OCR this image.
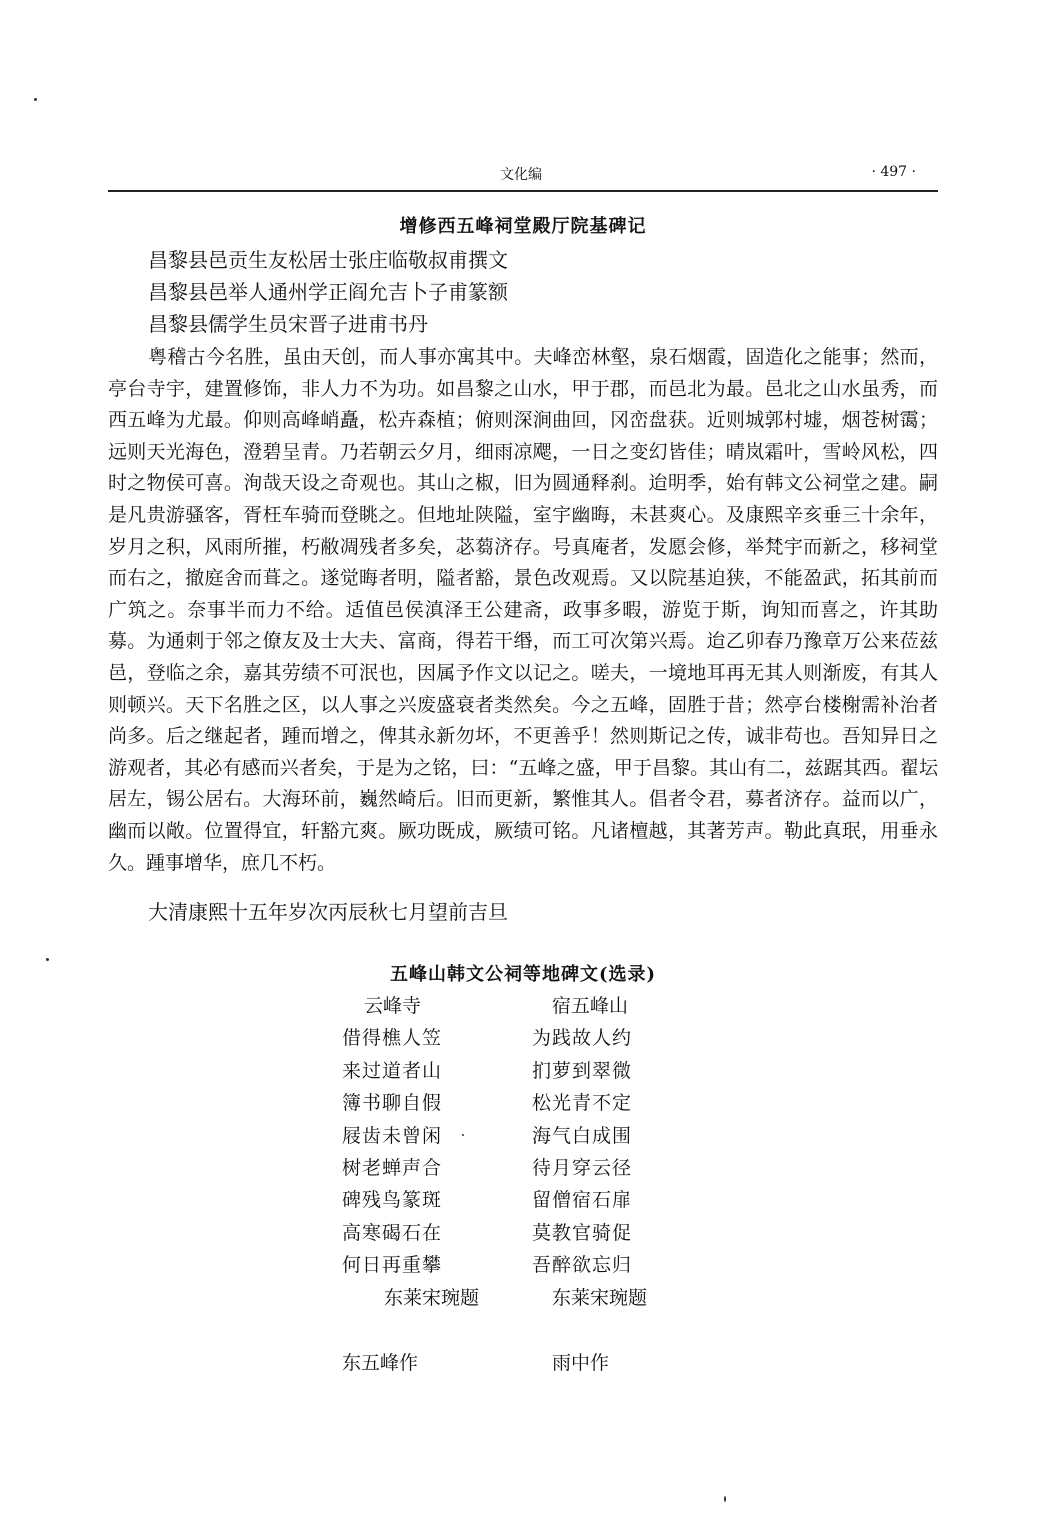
文化编	· 497 ·
增修西五峰祠堂殿厅院基碑记
昌黎县邑贡生友松居士张庄临敬叔甫撰文
昌黎县邑举人通州学正阎允吉卜子甫篆额
昌黎县儒学生员宋晋子进甫书丹
粤稽古今名胜，虽由天创，而人事亦寓其中。夫峰峦林壑，泉石烟霞，固造化之能事；然而，亭台寺宇，建置修饰，非人力不为功。如昌黎之山水，甲于郡，而邑北为最。邑北之山水虽秀，而西五峰为尤最。仰则高峰峭矗，松卉森植；俯则深涧曲回，冈峦盘获。近则城郭村墟，烟苍树霭；远则天光海色，澄碧呈青。乃若朝云夕月，细雨凉飔，一日之变幻皆佳；晴岚霜叶，雪岭风松，四时之物侯可喜。洵哉天设之奇观也。其山之椒，旧为圆通释刹。迨明季，始有韩文公祠堂之建。嗣是凡贵游骚客，胥枉车骑而登眺之。但地址陕隘，室宇幽晦，未甚爽心。及康熙辛亥垂三十余年，岁月之积，风雨所摧，朽敝凋残者多矣，苾蒭济存。号真庵者，发愿会修，举梵宇而新之，移祠堂而右之，撤庭舍而葺之。遂觉晦者明，隘者豁，景色改观焉。又以院基迫狭，不能盈武，拓其前而广筑之。奈事半而力不给。适值邑侯滇泽王公建斋，政事多暇，游览于斯，询知而喜之，许其助募。为通刺于邻之僚友及士大夫、富商，得若干缗，而工可次第兴焉。迨乙卯春乃豫章万公来莅兹邑，登临之余，嘉其劳绩不可泯也，因属予作文以记之。嗟夫，一境地耳再无其人则渐废，有其人则顿兴。天下名胜之区，以人事之兴废盛衰者类然矣。今之五峰，固胜于昔；然亭台楼榭需补治者尚多。后之继起者，踵而增之，俾其永新勿坏，不更善乎！然则斯记之传，诚非苟也。吾知异日之游观者，其必有感而兴者矣，于是为之铭，曰：“五峰之盛，甲于昌黎。其山有二，兹踞其西。翟坛居左，锡公居右。大海环前，巍然崎后。旧而更新，繁惟其人。倡者令君，募者济存。益而以广，幽而以敞。位置得宜，轩豁亢爽。厥功既成，厥绩可铭。凡诸檀越，其著芳声。勒此真珉，用垂永久。踵事增华，庶几不朽。
大清康熙十五年岁次丙辰秋七月望前吉旦
五峰山韩文公祠等地碑文(选录)
云峰寺
借得樵人笠
来过道者山
簿书聊自假
屐齿未曾闲
树老蝉声合
碑残鸟篆斑
高寒碣石在
何日再重攀
东莱宋琬题
宿五峰山
为践故人约
扪萝到翠微
松光青不定
海气白成围
待月穿云径
留僧宿石扉
莫教官骑促
吾醉欲忘归
东莱宋琬题
东五峰作	雨中作
